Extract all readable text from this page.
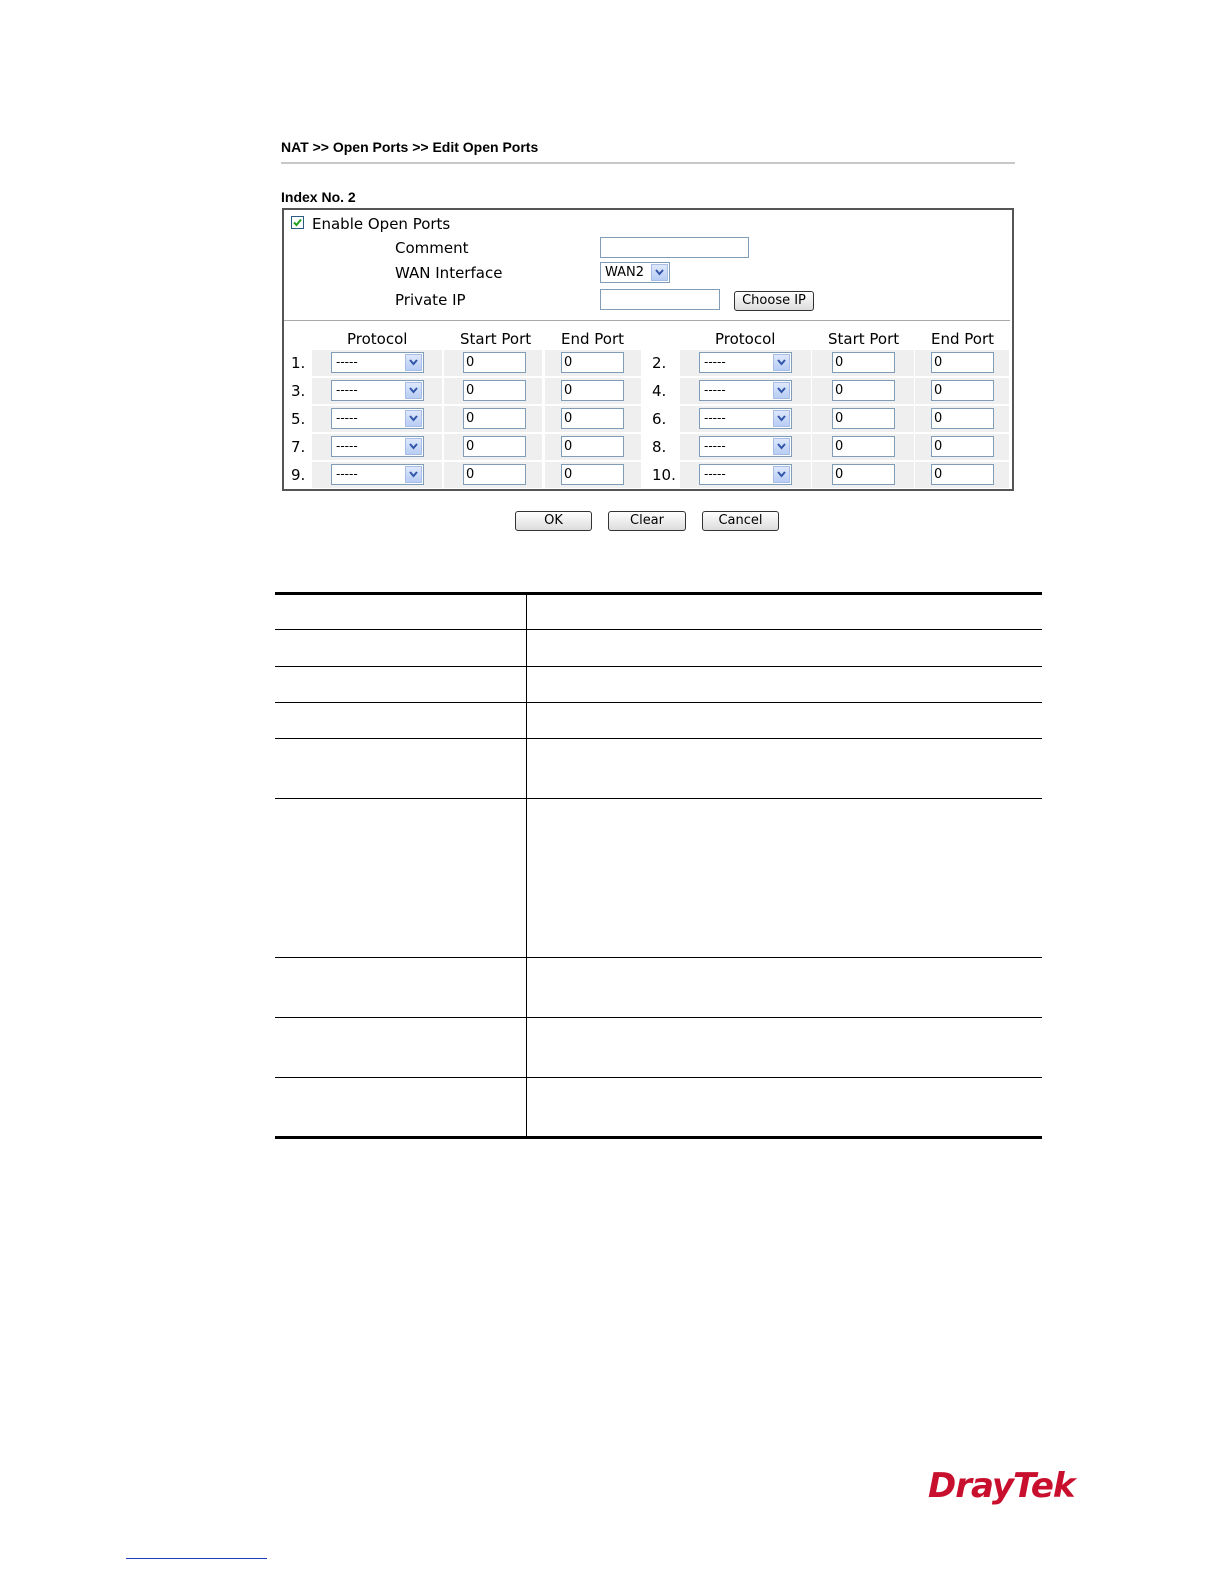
NAT >> Open Ports >> Edit Open Ports
Index No. 2
Enable Open Ports
Comment
WAN Interface	WAN2
Private IP	Choose IP
Protocol	Start Port End Port	Protocol	Start Port End Port
1.	-----	0	0	2.	-----	0	0
3.	-----	0	0	4.	-----	0	0
5.	-----	0	0	6.	-----	0	0
7.	-----	0	0	8.	-----	0	0
9.	-----	0	0	10. -----	0	0
OK	Clear	Cancel
DrayTek
